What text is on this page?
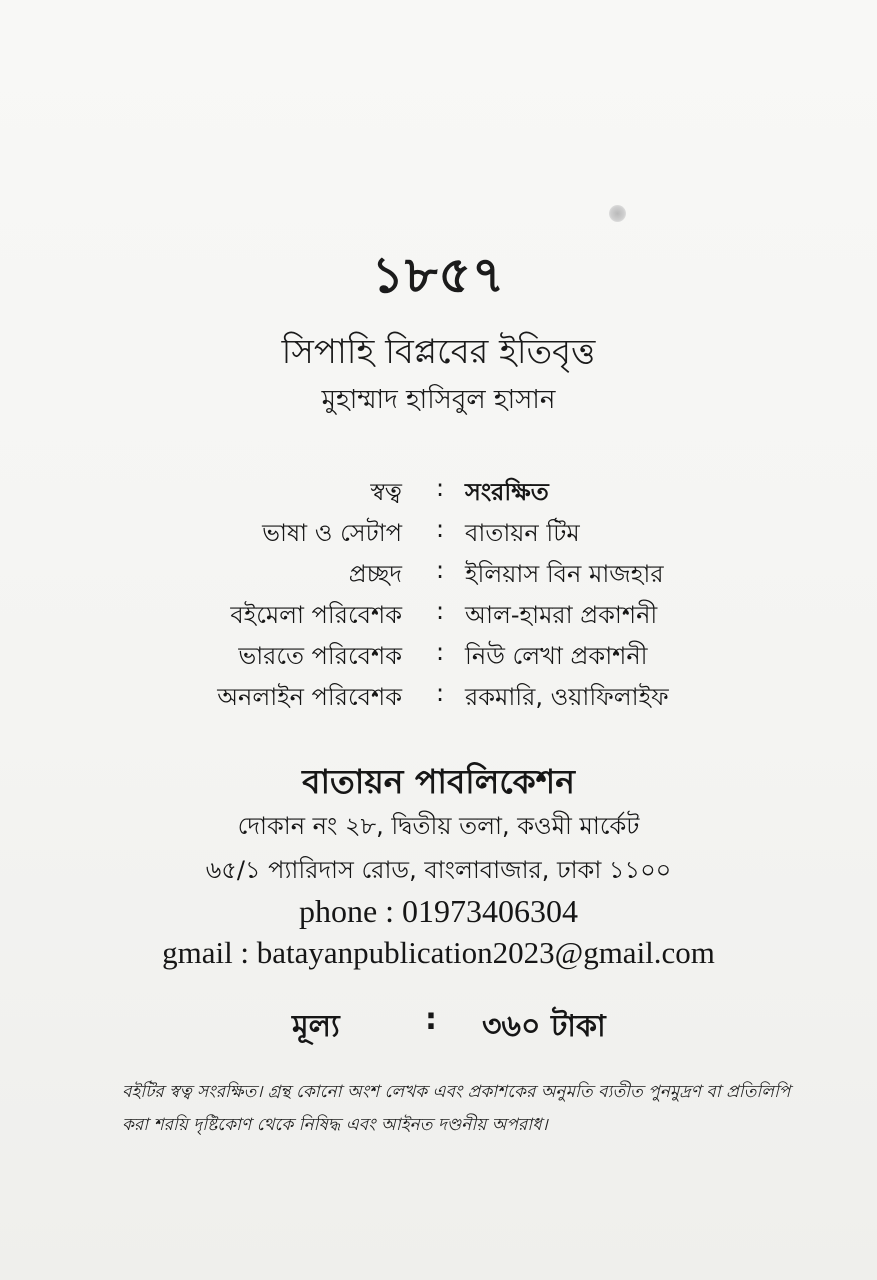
১৮৫৭
সিপাহি বিপ্লবের ইতিবৃত্ত
মুহাম্মাদ হাসিবুল হাসান
স্বত্ব : সংরক্ষিত
ভাষা ও সেটাপ : বাতায়ন টিম
প্রচ্ছদ : ইলিয়াস বিন মাজহার
বইমেলা পরিবেশক : আল-হামরা প্রকাশনী
ভারতে পরিবেশক : নিউ লেখা প্রকাশনী
অনলাইন পরিবেশক : রকমারি, ওয়াফিলাইফ
বাতায়ন পাবলিকেশন
দোকান নং ২৮, দ্বিতীয় তলা, কওমী মার্কেট
৬৫/১ প্যারিদাস রোড, বাংলাবাজার, ঢাকা ১১০০
phone : 01973406304
gmail : batayanpublication2023@gmail.com
মূল্য	: ৩৬০ টাকা
বইটির স্বত্ব সংরক্ষিত। গ্রন্থ কোনো অংশ লেখক এবং প্রকাশকের অনুমতি ব্যতীত পুনমুদ্রণ বা প্রতিলিপি করা শরয়ি দৃষ্টিকোণ থেকে নিষিদ্ধ এবং আইনত দণ্ডনীয় অপরাধ।
